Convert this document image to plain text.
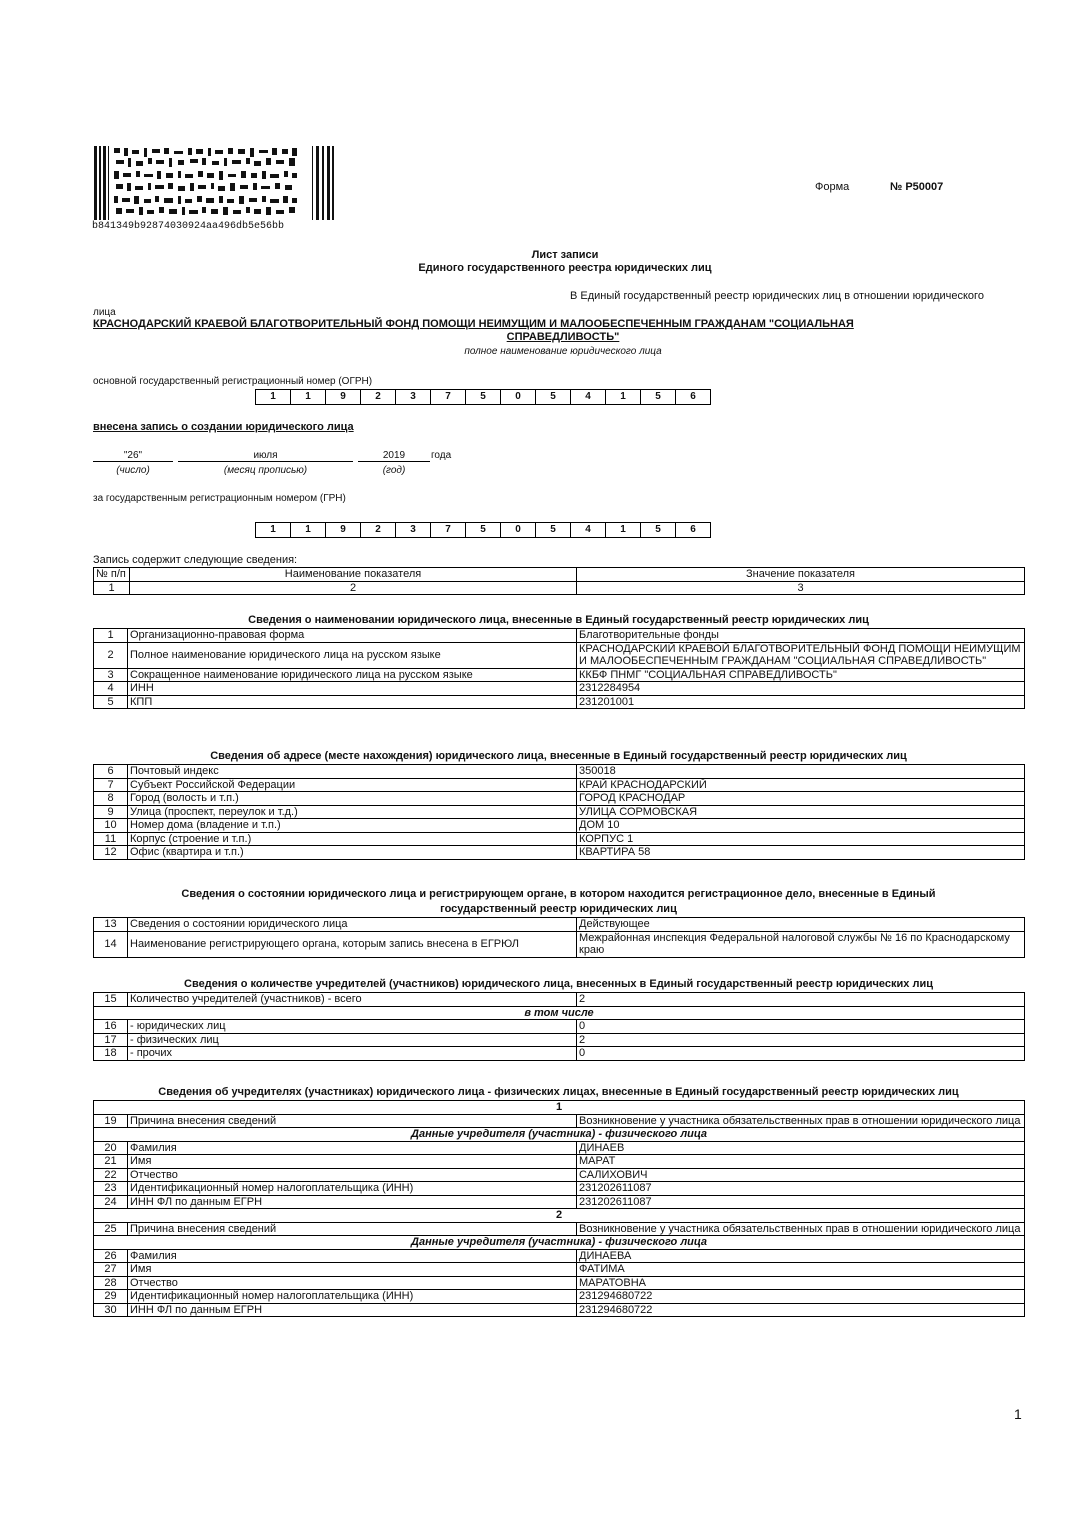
b841349b92874030924aa496db5e56bb
Форма	№ Р50007
Лист записи
Единого государственного реестра юридических лиц
В Единый государственный реестр юридических лиц в отношении юридического
лица
КРАСНОДАРСКИЙ КРАЕВОЙ БЛАГОТВОРИТЕЛЬНЫЙ ФОНД ПОМОЩИ НЕИМУЩИМ И МАЛООБЕСПЕЧЕННЫМ ГРАЖДАНАМ "СОЦИАЛЬНАЯ
СПРАВЕДЛИВОСТЬ"
полное наименование юридического лица
основной государственный регистрационный номер (ОГРН)
1	1	9	2	3	7	5	0	5	4	1	5	6
внесена запись о создании юридического лица
"26"	июля	2019	года
(число)	(месяц прописью)	(год)
за государственным регистрационным номером (ГРН)
1	1	9	2	3	7	5	0	5	4	1	5	6
Запись содержит следующие сведения:
№ п/п	Наименование показателя	Значение показателя
1	2	3
Сведения о наименовании юридического лица, внесенные в Единый государственный реестр юридических лиц
1	Организационно-правовая форма	Благотворительные фонды
2	Полное наименование юридического лица на русском языке	КРАСНОДАРСКИЙ КРАЕВОЙ БЛАГОТВОРИТЕЛЬНЫЙ ФОНД ПОМОЩИ НЕИМУЩИМ И МАЛООБЕСПЕЧЕННЫМ ГРАЖДАНАМ "СОЦИАЛЬНАЯ СПРАВЕДЛИВОСТЬ"
3	Сокращенное наименование юридического лица на русском языке	ККБФ ПНМГ "СОЦИАЛЬНАЯ СПРАВЕДЛИВОСТЬ"
4	ИНН	2312284954
5	КПП	231201001
Сведения об адресе (месте нахождения) юридического лица, внесенные в Единый государственный реестр юридических лиц
6	Почтовый индекс	350018
7	Субъект Российской Федерации	КРАЙ КРАСНОДАРСКИЙ
8	Город (волость и т.п.)	ГОРОД КРАСНОДАР
9	Улица (проспект, переулок и т.д.)	УЛИЦА СОРМОВСКАЯ
10	Номер дома (владение и т.п.)	ДОМ 10
11	Корпус (строение и т.п.)	КОРПУС 1
12	Офис (квартира и т.п.)	КВАРТИРА 58
Сведения о состоянии юридического лица и регистрирующем органе, в котором находится регистрационное дело, внесенные в Единый
государственный реестр юридических лиц
13	Сведения о состоянии юридического лица	Действующее
14	Наименование регистрирующего органа, которым запись внесена в ЕГРЮЛ	Межрайонная инспекция Федеральной налоговой службы № 16 по Краснодарскому краю
Сведения о количестве учредителей (участников) юридического лица, внесенных в Единый государственный реестр юридических лиц
15	Количество учредителей (участников) - всего	2
в том числе		
16	- юридических лиц	0
17	- физических лиц	2
18	- прочих	0
Сведения об учредителях (участниках) юридического лица - физических лицах, внесенные в Единый государственный реестр юридических лиц
1		
19	Причина внесения сведений	Возникновение у участника обязательственных прав в отношении юридического лица
Данные учредителя (участника) - физического лица		
20	Фамилия	ДИНАЕВ
21	Имя	МАРАТ
22	Отчество	САЛИХОВИЧ
23	Идентификационный номер налогоплательщика (ИНН)	231202611087
24	ИНН ФЛ по данным ЕГРН	231202611087
2		
25	Причина внесения сведений	Возникновение у участника обязательственных прав в отношении юридического лица
Данные учредителя (участника) - физического лица		
26	Фамилия	ДИНАЕВА
27	Имя	ФАТИМА
28	Отчество	МАРАТОВНА
29	Идентификационный номер налогоплательщика (ИНН)	231294680722
30	ИНН ФЛ по данным ЕГРН	231294680722
1
